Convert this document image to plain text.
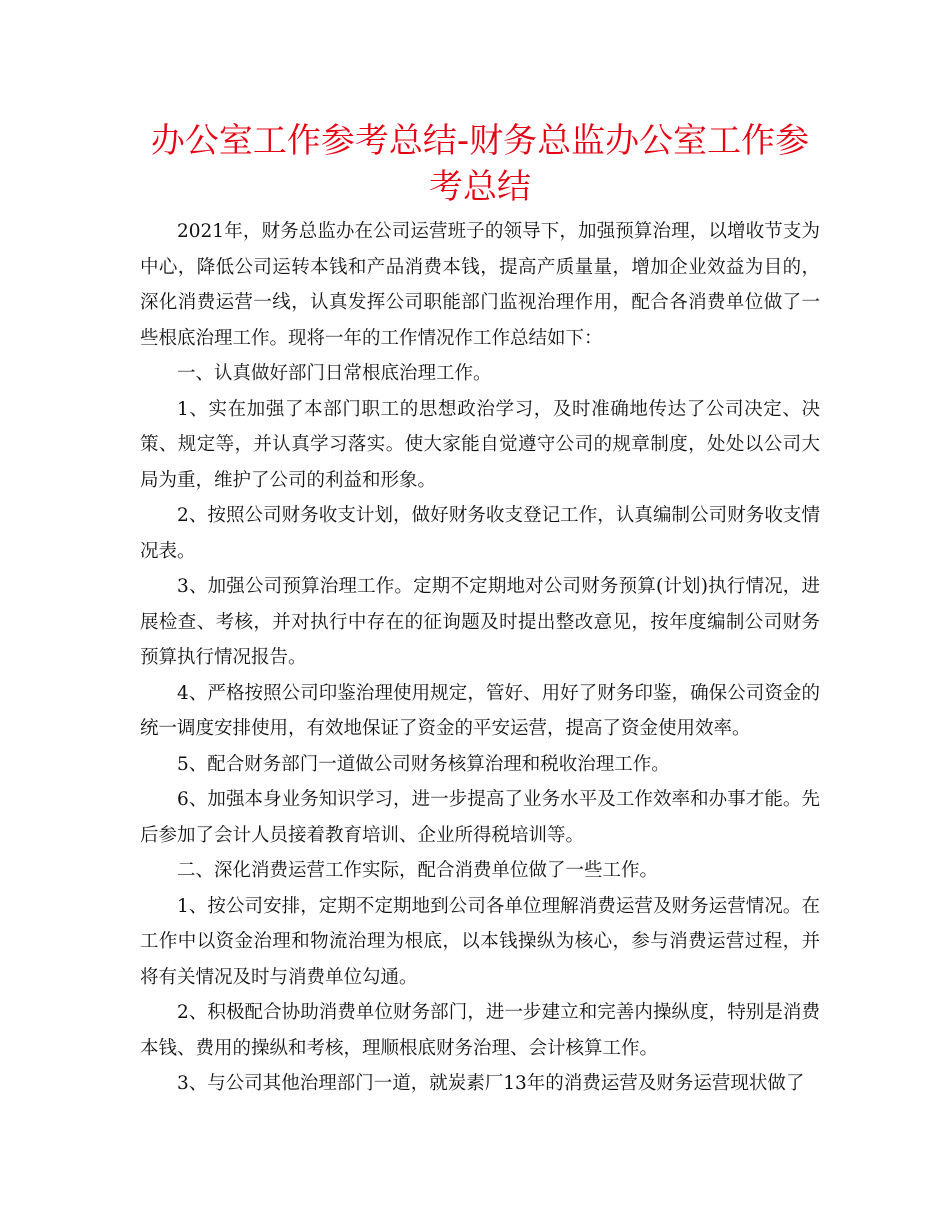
办公室工作参考总结-财务总监办公室工作参考总结

2021年，财务总监办在公司运营班子的领导下，加强预算治理，以增收节支为中心，降低公司运转本钱和产品消费本钱，提高产质量量，增加企业效益为目的，深化消费运营一线，认真发挥公司职能部门监视治理作用，配合各消费单位做了一些根底治理工作。现将一年的工作情况作工作总结如下：

一、认真做好部门日常根底治理工作。

1、实在加强了本部门职工的思想政治学习，及时准确地传达了公司决定、决策、规定等，并认真学习落实。使大家能自觉遵守公司的规章制度，处处以公司大局为重，维护了公司的利益和形象。

2、按照公司财务收支计划，做好财务收支登记工作，认真编制公司财务收支情况表。

3、加强公司预算治理工作。定期不定期地对公司财务预算(计划)执行情况，进展检查、考核，并对执行中存在的征询题及时提出整改意见，按年度编制公司财务预算执行情况报告。

4、严格按照公司印鉴治理使用规定，管好、用好了财务印鉴，确保公司资金的统一调度安排使用，有效地保证了资金的平安运营，提高了资金使用效率。

5、配合财务部门一道做公司财务核算治理和税收治理工作。

6、加强本身业务知识学习，进一步提高了业务水平及工作效率和办事才能。先后参加了会计人员接着教育培训、企业所得税培训等。

二、深化消费运营工作实际，配合消费单位做了一些工作。

1、按公司安排，定期不定期地到公司各单位理解消费运营及财务运营情况。在工作中以资金治理和物流治理为根底，以本钱操纵为核心，参与消费运营过程，并将有关情况及时与消费单位勾通。

2、积极配合协助消费单位财务部门，进一步建立和完善内操纵度，特别是消费本钱、费用的操纵和考核，理顺根底财务治理、会计核算工作。

3、与公司其他治理部门一道，就炭素厂13年的消费运营及财务运营现状做了
